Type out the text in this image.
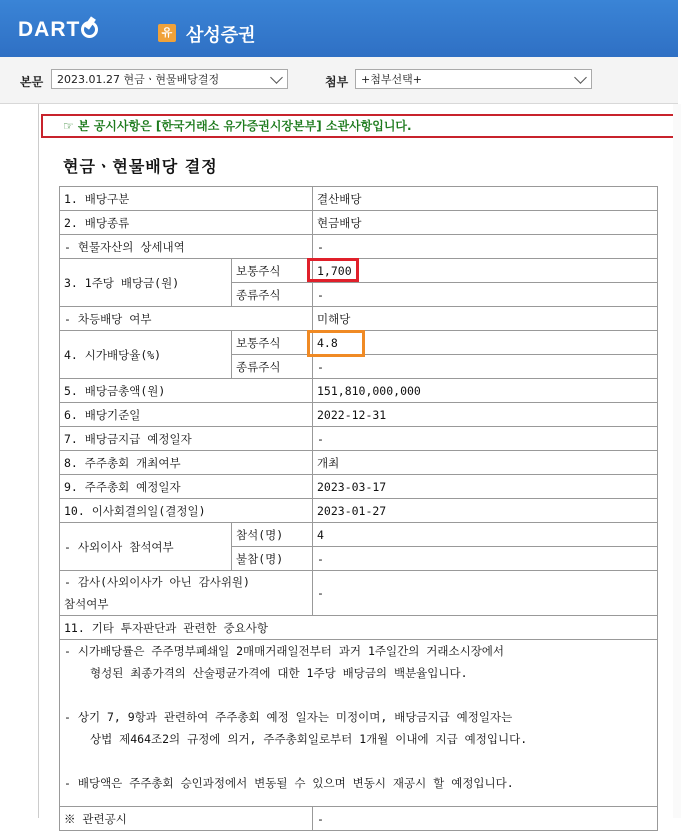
DART	유 삼성증권
본문	2023.01.27 현금ㆍ현물배당결정	첨부	+첨부선택+
☞ 본 공시사항은 [한국거래소 유가증권시장본부] 소관사항입니다.
현금ㆍ현물배당 결정
1. 배당구분		결산배당
2. 배당종류		현금배당
- 현물자산의 상세내역		-
3. 1주당 배당금(원)	보통주식	1,700
	종류주식	-
- 차등배당 여부		미해당
4. 시가배당율(%)	보통주식	4.8
	종류주식	-
5. 배당금총액(원)		151,810,000,000
6. 배당기준일		2022-12-31
7. 배당금지급 예정일자		-
8. 주주총회 개최여부		개최
9. 주주총회 예정일자		2023-03-17
10. 이사회결의일(결정일)		2023-01-27
- 사외이사 참석여부	참석(명)	4
	불참(명)	-

- 감사(사외이사가 아닌 감사위원)
참석여부		-
11. 기타 투자판단과 관련한 중요사항		

- 시가배당률은 주주명부폐쇄일 2매매거래일전부터 과거 1주일간의 거래소시장에서
형성된 최종가격의 산술평균가격에 대한 1주당 배당금의 백분율입니다.
- 상기 7, 9항과 관련하여 주주총회 예정 일자는 미정이며, 배당금지급 예정일자는
상법 제464조2의 규정에 의거, 주주총회일로부터 1개월 이내에 지급 예정입니다.
- 배당액은 주주총회 승인과정에서 변동될 수 있으며 변동시 재공시 할 예정입니다.		

※ 관련공시		-
